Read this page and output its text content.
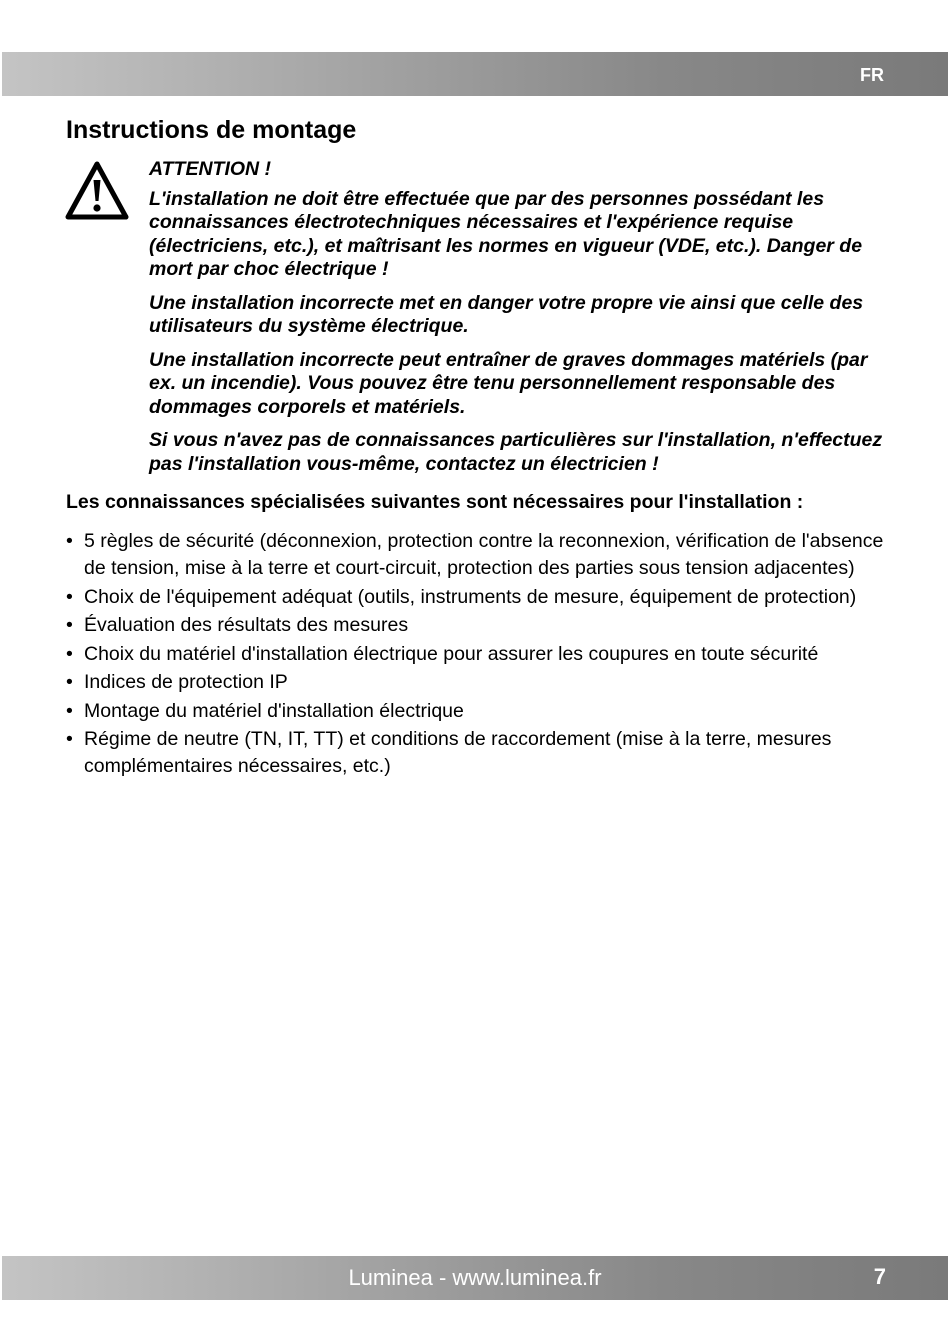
FR
Instructions de montage

ATTENTION !

L'installation ne doit être effectuée que par des personnes possédant les connaissances électrotechniques nécessaires et l'expérience requise (électriciens, etc.), et maîtrisant les normes en vigueur (VDE, etc.). Danger de mort par choc électrique !

Une installation incorrecte met en danger votre propre vie ainsi que celle des utilisateurs du système électrique.

Une installation incorrecte peut entraîner de graves dommages matériels (par ex. un incendie). Vous pouvez être tenu personnellement responsable des dommages corporels et matériels.

Si vous n'avez pas de connaissances particulières sur l'installation, n'effectuez pas l'installation vous-même, contactez un électricien !

Les connaissances spécialisées suivantes sont nécessaires pour l'installation :
• 5 règles de sécurité (déconnexion, protection contre la reconnexion, vérification de l'absence de tension, mise à la terre et court-circuit, protection des parties sous tension adjacentes)
• Choix de l'équipement adéquat (outils, instruments de mesure, équipement de protection)
• Évaluation des résultats des mesures
• Choix du matériel d'installation électrique pour assurer les coupures en toute sécurité
• Indices de protection IP
• Montage du matériel d'installation électrique
• Régime de neutre (TN, IT, TT) et conditions de raccordement (mise à la terre, mesures complémentaires nécessaires, etc.)
Luminea - www.luminea.fr	7
